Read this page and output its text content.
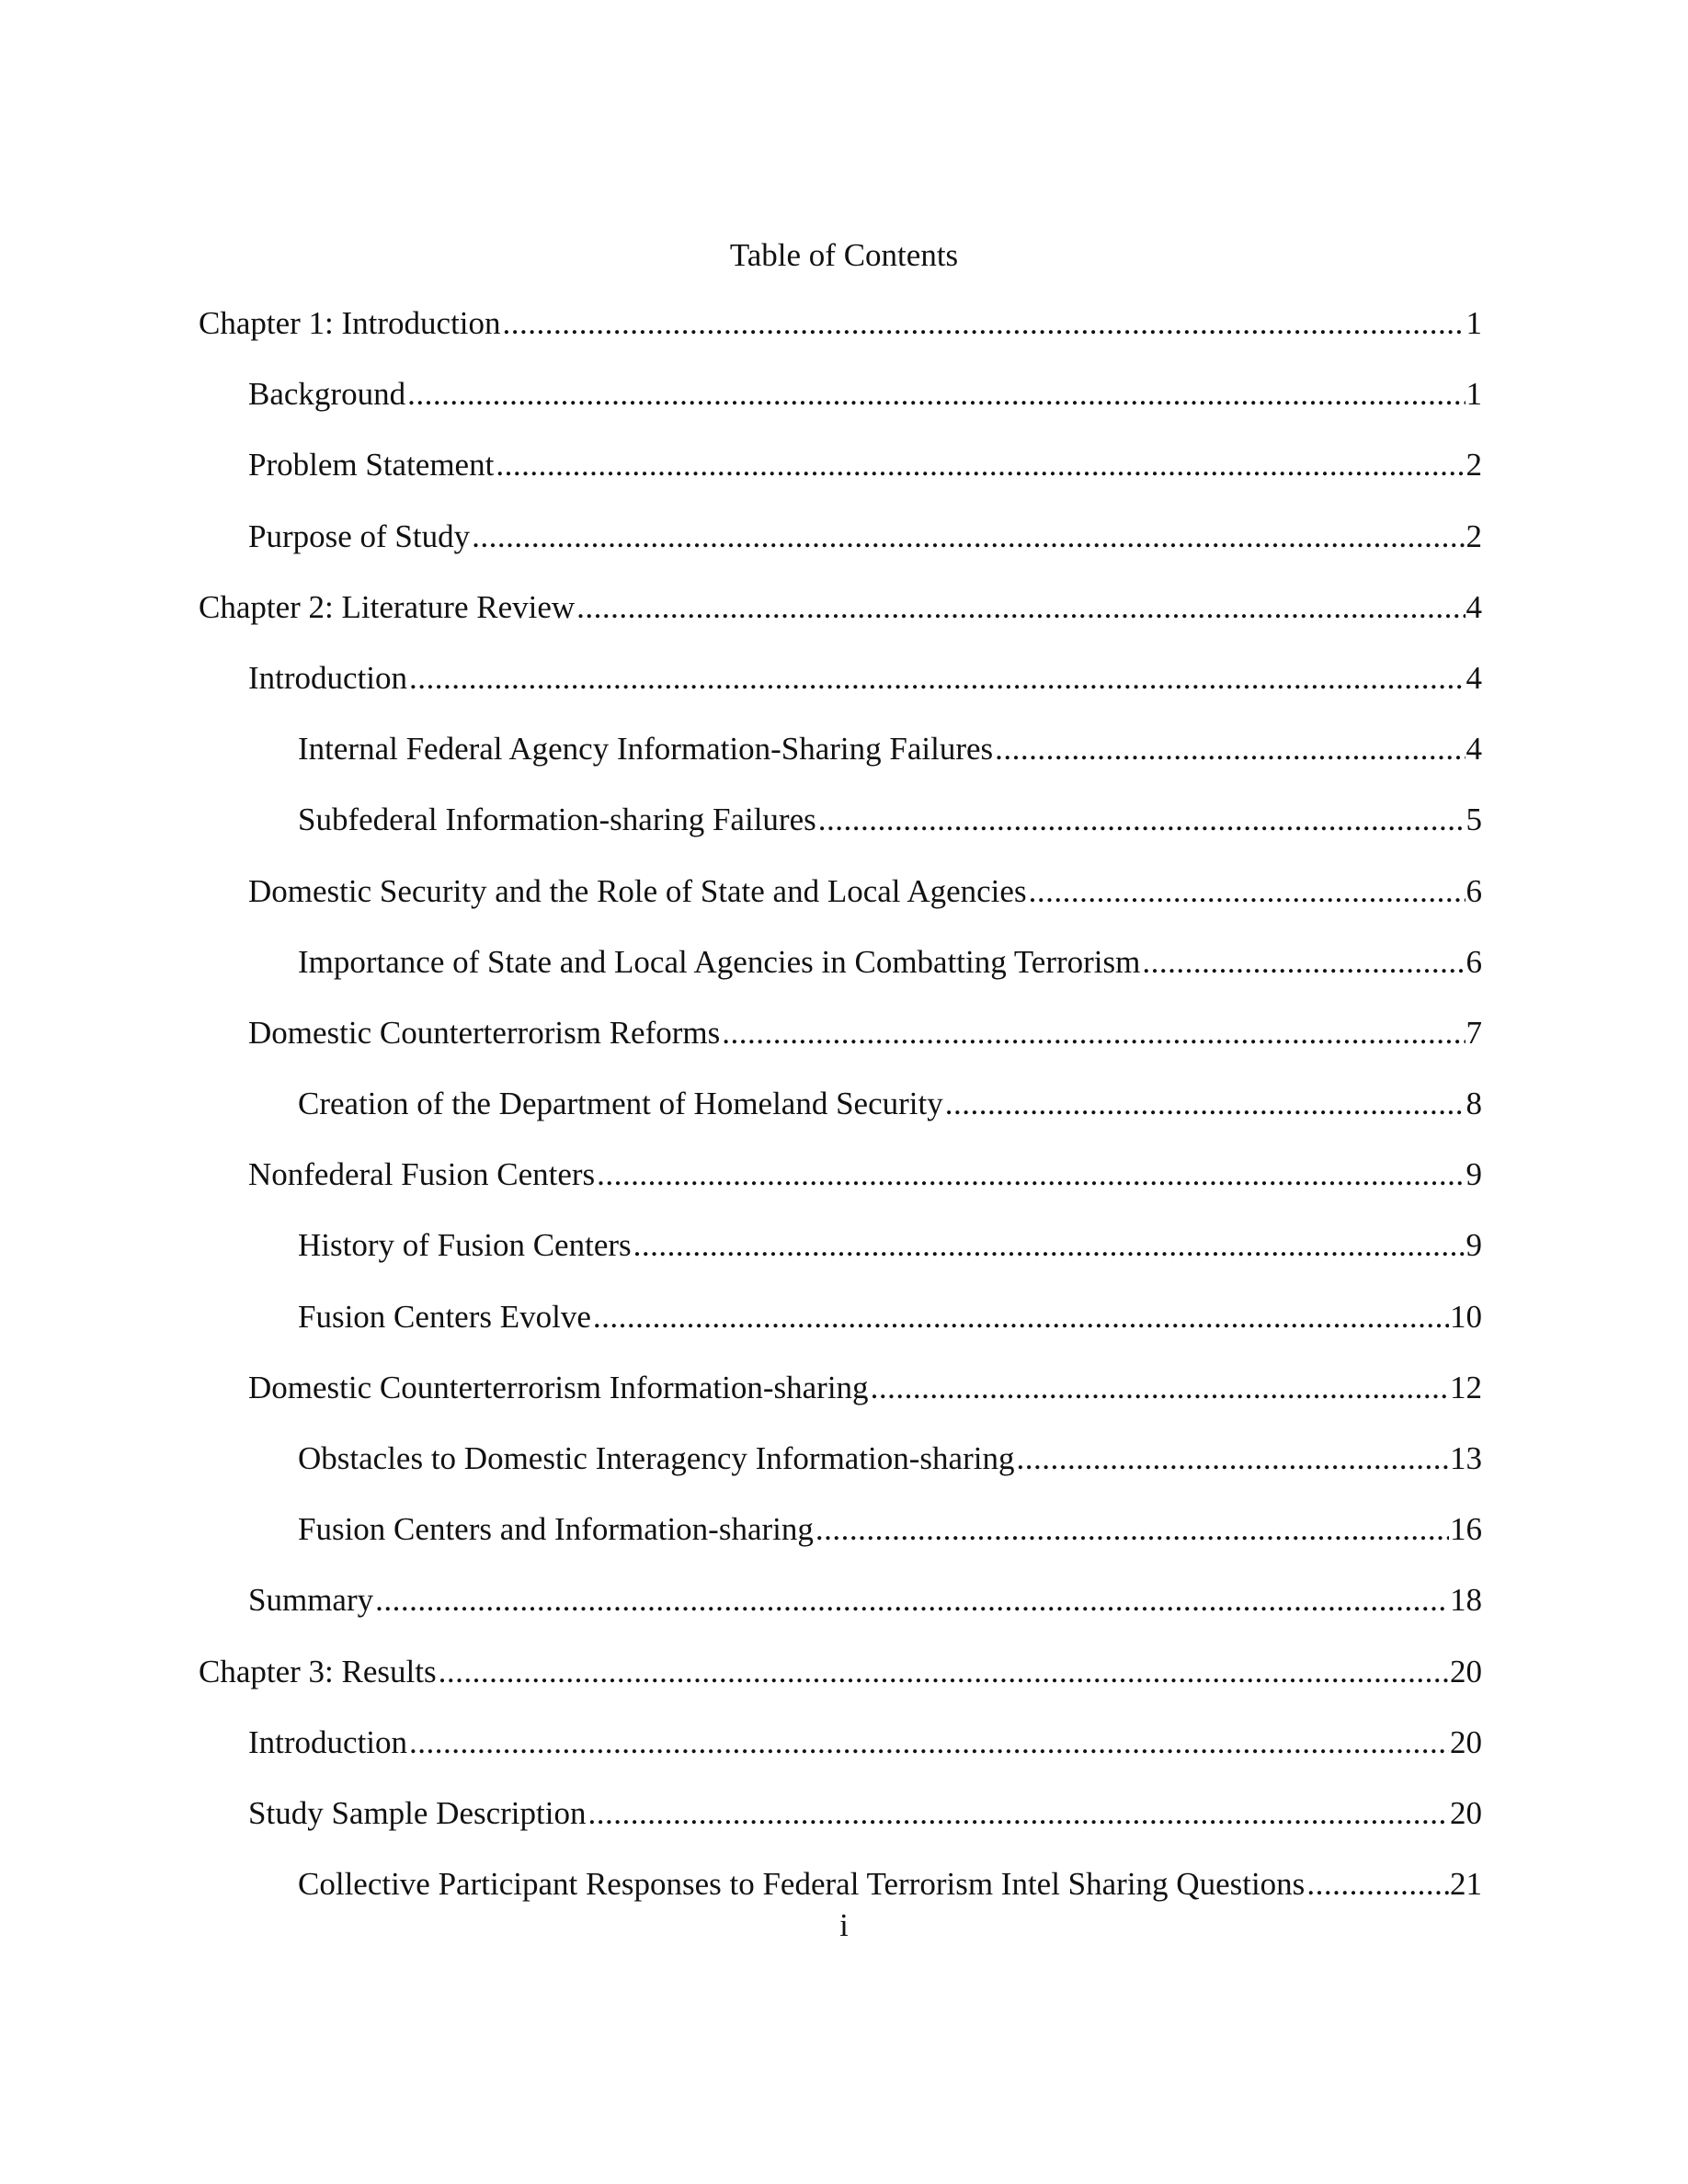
Table of Contents
Chapter 1: Introduction .....	1
Background .....	1
Problem Statement .....	2
Purpose of Study .....	2
Chapter 2: Literature Review .....	4
Introduction .....	4
Internal Federal Agency Information-Sharing Failures .....	4
Subfederal Information-sharing Failures .....	5
Domestic Security and the Role of State and Local Agencies .....	6
Importance of State and Local Agencies in Combatting Terrorism .....	6
Domestic Counterterrorism Reforms .....	7
Creation of the Department of Homeland Security .....	8
Nonfederal Fusion Centers .....	9
History of Fusion Centers .....	9
Fusion Centers Evolve .....	10
Domestic Counterterrorism Information-sharing .....	12
Obstacles to Domestic Interagency Information-sharing .....	13
Fusion Centers and Information-sharing .....	16
Summary .....	18
Chapter 3: Results .....	20
Introduction .....	20
Study Sample Description .....	20
Collective Participant Responses to Federal Terrorism Intel Sharing Questions .....	21
i
